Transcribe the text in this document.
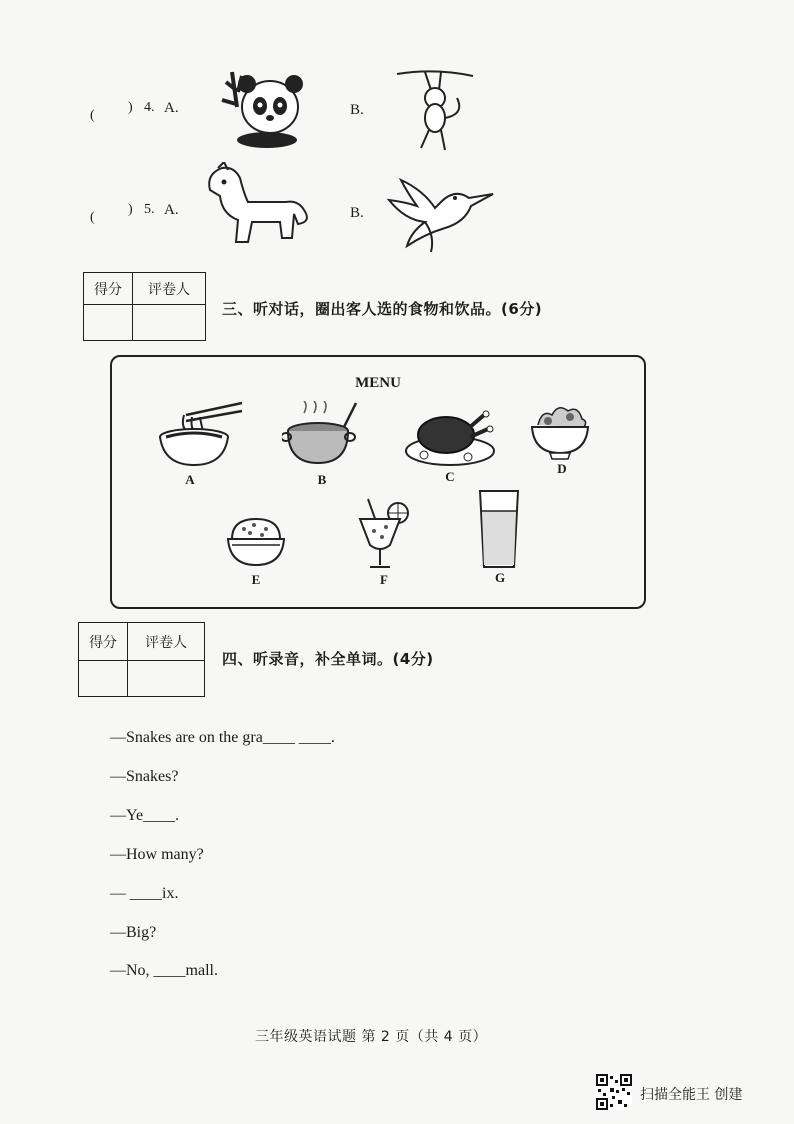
(
) 4. A.	B.
(
) 5. A.	B.
得分	评卷人

三、听对话，圈出客人选的食物和饮品。(6分)
MENU
A	B	C
D
E	F	G
得分	评卷人

四、听录音，补全单词。(4分)
—Snakes are on the gra____ ____.
—Snakes?
—Ye____.
—How many?
— ____ix.
—Big?
—No, ____mall.
三年级英语试题 第 2 页（共 4 页）
扫描全能王 创建
